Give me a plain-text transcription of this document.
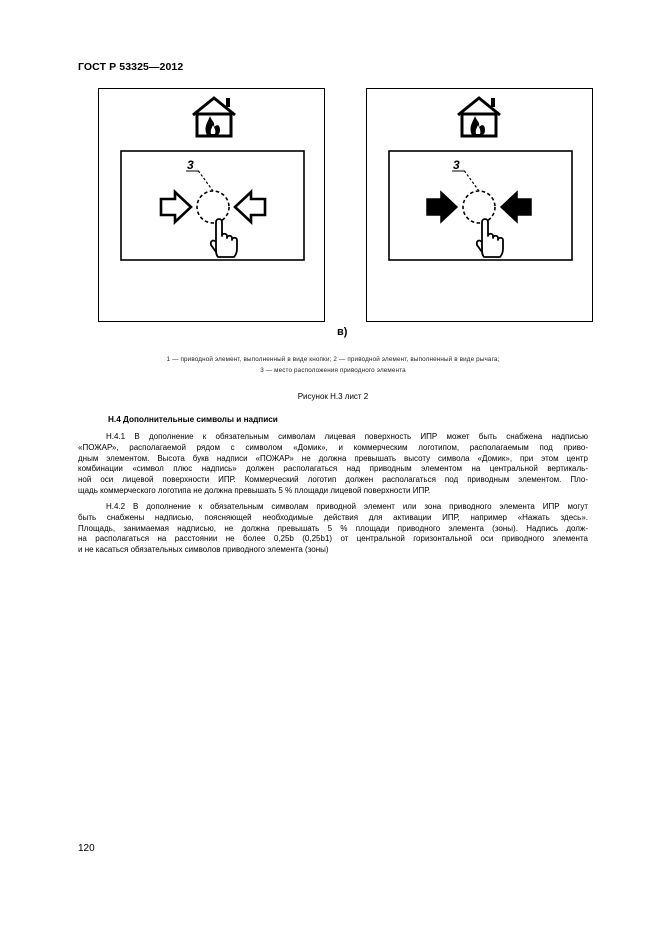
ГОСТ Р 53325—2012
3	3
в)
1 — приводной элемент, выполненный в виде кнопки; 2 — приводной элемент, выполненный в виде рычага;
3 — место расположения приводного элемента
Рисунок Н.3 лист 2
Н.4 Дополнительные символы и надписи
Н.4.1 В дополнение к обязательным символам лицевая поверхность ИПР может быть снабжена надписью
«ПОЖАР», располагаемой рядом с символом «Домик», и коммерческим логотипом, располагаемым под приво-
дным элементом. Высота букв надписи «ПОЖАР» не должна превышать высоту символа «Домик», при этом центр
комбинации «символ плюс надпись» должен располагаться над приводным элементом на центральной вертикаль-
ной оси лицевой поверхности ИПР. Коммерческий логотип должен располагаться под приводным элементом. Пло-
щадь коммерческого логотипа не должна превышать 5 % площади лицевой поверхности ИПР.
Н.4.2 В дополнение к обязательным символам приводной элемент или зона приводного элемента ИПР могут
быть снабжены надписью, поясняющей необходимые действия для активации ИПР, например «Нажать здесь».
Площадь, занимаемая надписью, не должна превышать 5 % площади приводного элемента (зоны). Надпись долж-
на располагаться на расстоянии не более 0,25b (0,25b1) от центральной горизонтальной оси приводного элемента
и не касаться обязательных символов приводного элемента (зоны)
120
